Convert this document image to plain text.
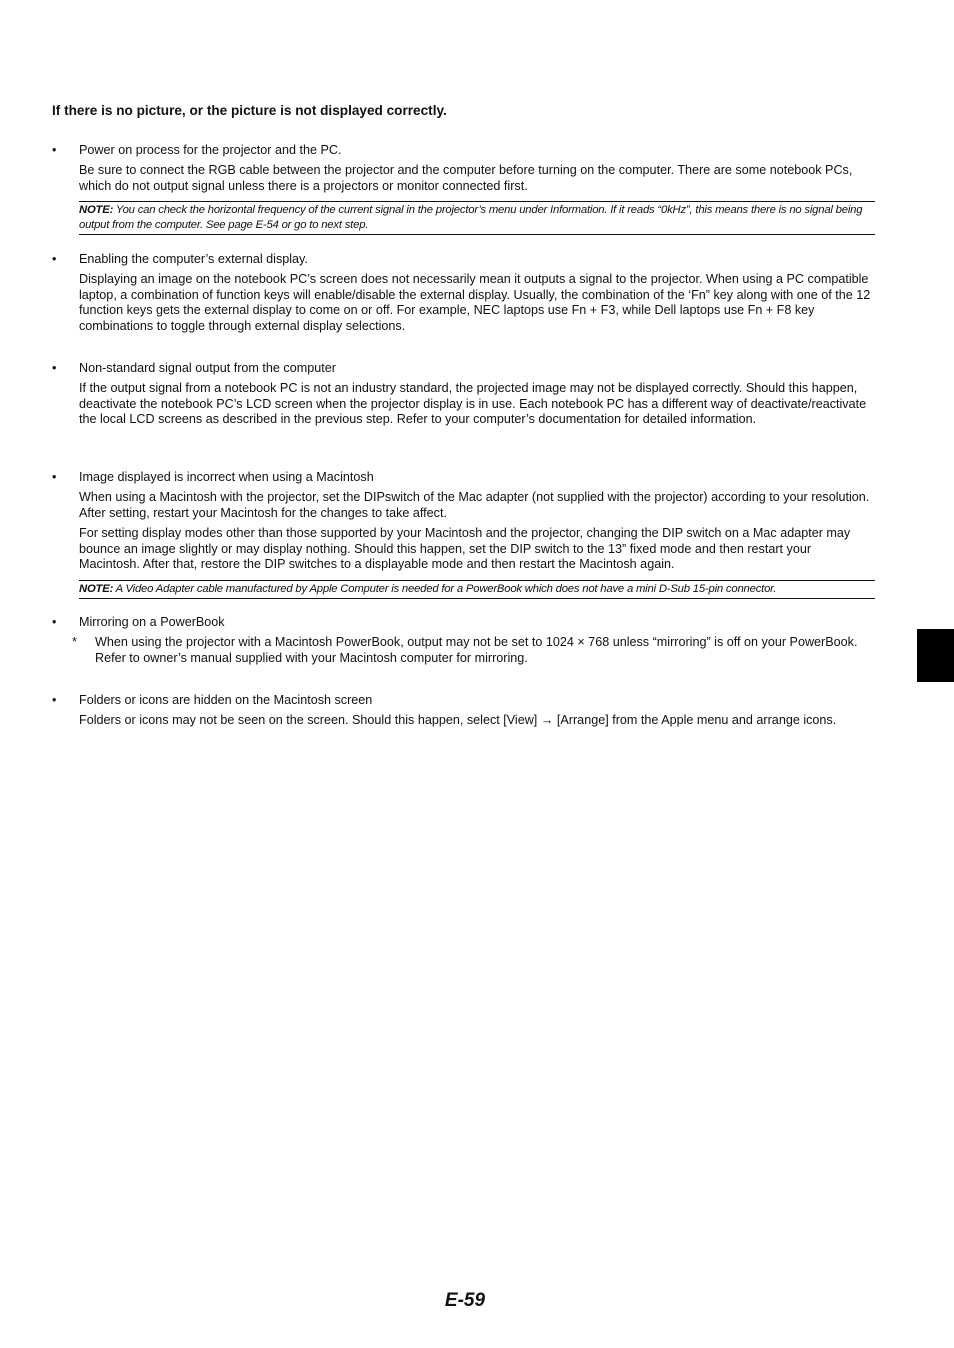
If there is no picture, or the picture is not displayed correctly.
•	Power on process for the projector and the PC.

Be sure to connect the RGB cable between the projector and the computer before turning on the computer. There are some notebook PCs, which do not output signal unless there is a projectors or monitor connected first.

NOTE: You can check the horizontal frequency of the current signal in the projector’s menu under Information. If it reads “0kHz”, this means there is no signal being output from the computer. See page E-54 or go to next step.
•	Enabling the computer’s external display.

Displaying an image on the notebook PC’s screen does not necessarily mean it outputs a signal to the projector. When using a PC compatible laptop, a combination of function keys will enable/disable the external display. Usually, the combination of the ‘Fn” key along with one of the 12 function keys gets the external display to come on or off. For example, NEC laptops use Fn + F3, while Dell laptops use Fn + F8 key combinations to toggle through external display selections.

•	Non-standard signal output from the computer

If the output signal from a notebook PC is not an industry standard, the projected image may not be displayed correctly. Should this happen, deactivate the notebook PC’s LCD screen when the projector display is in use. Each notebook PC has a different way of deactivate/reactivate the local LCD screens as described in the previous step. Refer to your computer’s documentation for detailed information.

•	Image displayed is incorrect when using a Macintosh

When using a Macintosh with the projector, set the DIPswitch of the Mac adapter (not supplied with the projector) according to your resolution. After setting, restart your Macintosh for the changes to take affect.

For setting display modes other than those supported by your Macintosh and the projector, changing the DIP switch on a Mac adapter may bounce an image slightly or may display nothing. Should this happen, set the DIP switch to the 13” fixed mode and then restart your Macintosh. After that, restore the DIP switches to a displayable mode and then restart the Macintosh again.

NOTE: A Video Adapter cable manufactured by Apple Computer is needed for a PowerBook which does not have a mini D-Sub 15-pin connector.
•	Mirroring on a PowerBook
* When using the projector with a Macintosh PowerBook, output may not be set to 1024 × 768 unless “mirroring” is off on your PowerBook. Refer to owner’s manual supplied with your Macintosh computer for mirroring.
•	Folders or icons are hidden on the Macintosh screen

Folders or icons may not be seen on the screen. Should this happen, select [View] → [Arrange] from the Apple menu and arrange icons.

E-59
